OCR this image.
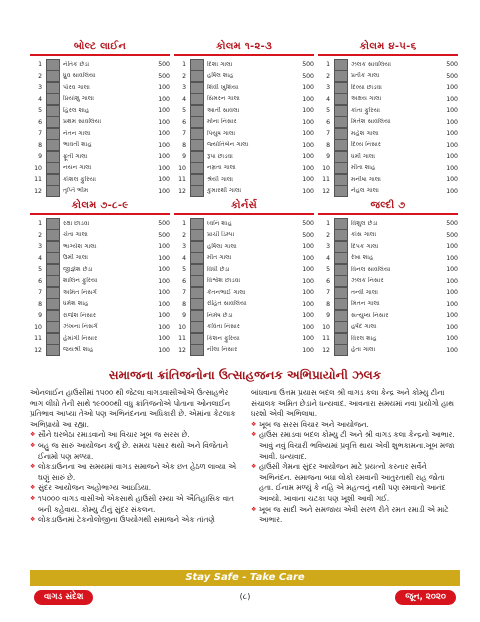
બોલ્ટ લાઈન
1	નૈતિક છેડા	500
2	ધ્રુવ સાવલિયા	500
3	પૌરવ ગાલા	100
4	પ્રિયાંશુ ગાલા	100
5	હિરલ શાહ	100
6	પ્રથમ સાવલિયા	100
7	નૈતન ગાલા	100
8	ભાવતી શાહ	100
9	ફ્રૂતી ગાલા	100
10	નયન ગાલા	100
11	કૌશલ ફુરિયા	100
12	તૃપ્તિ ભીમ	100
કોલમ ૧-૨-૩
1	દિશા ગાલા	500
2	હર્ષિલ શાહ	500
3	શિવી ખુશિયા	100
4	સિમરન ગાલા	100
5	આર્તી સાવલા	100
6	મોના નિસાર	100
7	પિયુષ ગાલા	100
8	જ્યોતિબેન ગાલા	100
9	રૂપા છાડવા	100
10	નમ્રતા ગાલા	100
11	શ્રેયી ગાલા	100
12	કુમારથી ગાલા	100
કોલમ ૪-૫-૬
1	ઝલક સાવલિયા	500
2	પ્રતીક ગાલા	500
3	દિવ્યા છાડવા	100
4	અક્ષય ગાલા	100
5	કાંતા ફુરિયા	100
6	મિતેશ સાવલિયા	100
7	મહેશ ગાલા	100
8	દિવ્ય નિસાર	100
9	ધર્મી ગાલા	100
10	મીતા શાહ	100
11	મનીષા ગાલા	100
12	નેહલ ગાલા	100
કોલમ ૭-૮-૯
1	રક્ષા છાડવા	500
2	ચેતા ગાલા	500
3	ભાગ્યેશ ગાલા	100
4	ઉર્મી ગાલા	100
5	જીજ્ઞેશ છેડા	100
6	શાલિન ફુરિયા	100
7	અમિત નિસર્ગ	100
8	ધર્મેશ શાહ	100
9	રાજેશ નિસાર	100
10	ઝંખના નિસર્ગ	100
11	હેમાંગી નિસાર	100
12	જયશ્રી શાહ	100
કોર્નર્સ
1	ધ્વનિ શાહ	500
2	પ્રાચી ડિમ્પા	500
3	હર્ષિલા ગાલા	100
4	મીત ગાલા	100
5	વિધી છેડા	100
6	વિશ્વેશ છાડવા	100
7	કેતનભાઈ ગાલા	100
8	રોહિત સાવલિયા	100
9	નિમેષ છેડા	100
10	કવિતા નિસાર	100
11	કિશન ફુરિયા	100
12	નીલા નિસાર	100
જલ્દી ૭
1	વિશુલ છેડા	500
2	કાંસ ગાલા	500
3	દિપક ગાલા	100
4	રેખા શાહ	100
5	વિનલ સાવલિયા	100
6	ઝલક નિસાર	100
7	તન્વી ગાલા	100
8	મિતન ગાલા	100
9	સત્યુષ્ય નિસાર	100
10	હર્ષદ ગાલા	100
11	વિરલ શાહ	100
12	હેતા ગાલા	100
સમાજના ક્રાંતિજનોના ઉત્સાહજનક અભિપ્રાયોની ઝલક

ઓનલાઈન હાઉસીમાં ૧૫૦૦ થી જેટલા વાગડવાસીઓએ ઉત્સાહભેર ભાગ લીધો તેની સાથે ૧૯૦૦૦થી વધુ ક્રાંતિજનોએ પોતાના ઓનલાઈન પ્રતિભાવ આપ્યા તેઓ પણ અભિનંદનના અધિકારી છે. એમાંના કેટલાક અભિપ્રાયો આ રહ્યા.

❖ સૌને ઘરબેઠા રમાડવાનો આ વિચાર ખૂબ જ સરસ છે.

❖ બહુ જ સારું આયોજન કર્યું છે. સમય પસાર થયો અને વિજેતાને ઈનામો પણ મળ્યા.

❖ લોકડાઉનના આ સમયમાં વાગડ સમાજને એક છત હેઠળ લાવ્યા એ ઘણું સારું છે.

❖ સુંદર આયોજન અહોભાગ્ય આઇડિયા.

❖ ૧૫૦૦૦ વાગડ વાસીઓ એકસાથે હાઉસી રમ્યા એ ઐતિહાસિક વાત બની કહેવાય. કોમ્યુ ટીનું સુંદર સંકલન.

❖ લોકડાઉનમાં ટેકનોલોજીના ઉપયોગથી સમાજને એક તાંતણે

બાંધવાના ઉત્તમ પ્રયાસ બદલ શ્રી વાગડ કલા કેન્દ્ર અને કોમ્યુ ટીના સંચાલક અમિત છેડાને ધન્યવાદ. આવનારા સમયમાં નવા પ્રયોગો હાથ ધરશો એવી અભિલાષા.

❖ ખૂબ જ સરસ વિચાર અને આયોજન.

❖ હાઉસ રમાડવા બદલ કોમ્યુ ટી અને શ્રી વાગડ કલા કેન્દ્રનો આભાર. આવું નવું વિચારી ભવિષ્યમાં પ્રવૃત્તિ થાય એવી શુભકામના.ખૂબ મજા આવી. ધન્યવાદ.

❖ હાઉસી ગેમના સુંદર આયોજન માટે પ્રયત્નો કરનાર સર્વેને અભિનંદન. સમાજના બધા લોકો રમવાની આતુરતાથી રાહ જોતા હતા. ઈનામ મળ્યું કે નહિ એ મહત્વનું નથી પણ રમવાનો આનંદ આવ્યો. ખાવાના ચટકા પણ ખૂશી આવી ગઈ.

❖ ખૂબ જ સાદી અને સમજાય એવી સરળ રીતે રમત રમાડી એ માટે આભાર.

Stay Safe - Take Care
વાગડ સંદેશ	(૮)	જૂન, ૨૦૨૦
